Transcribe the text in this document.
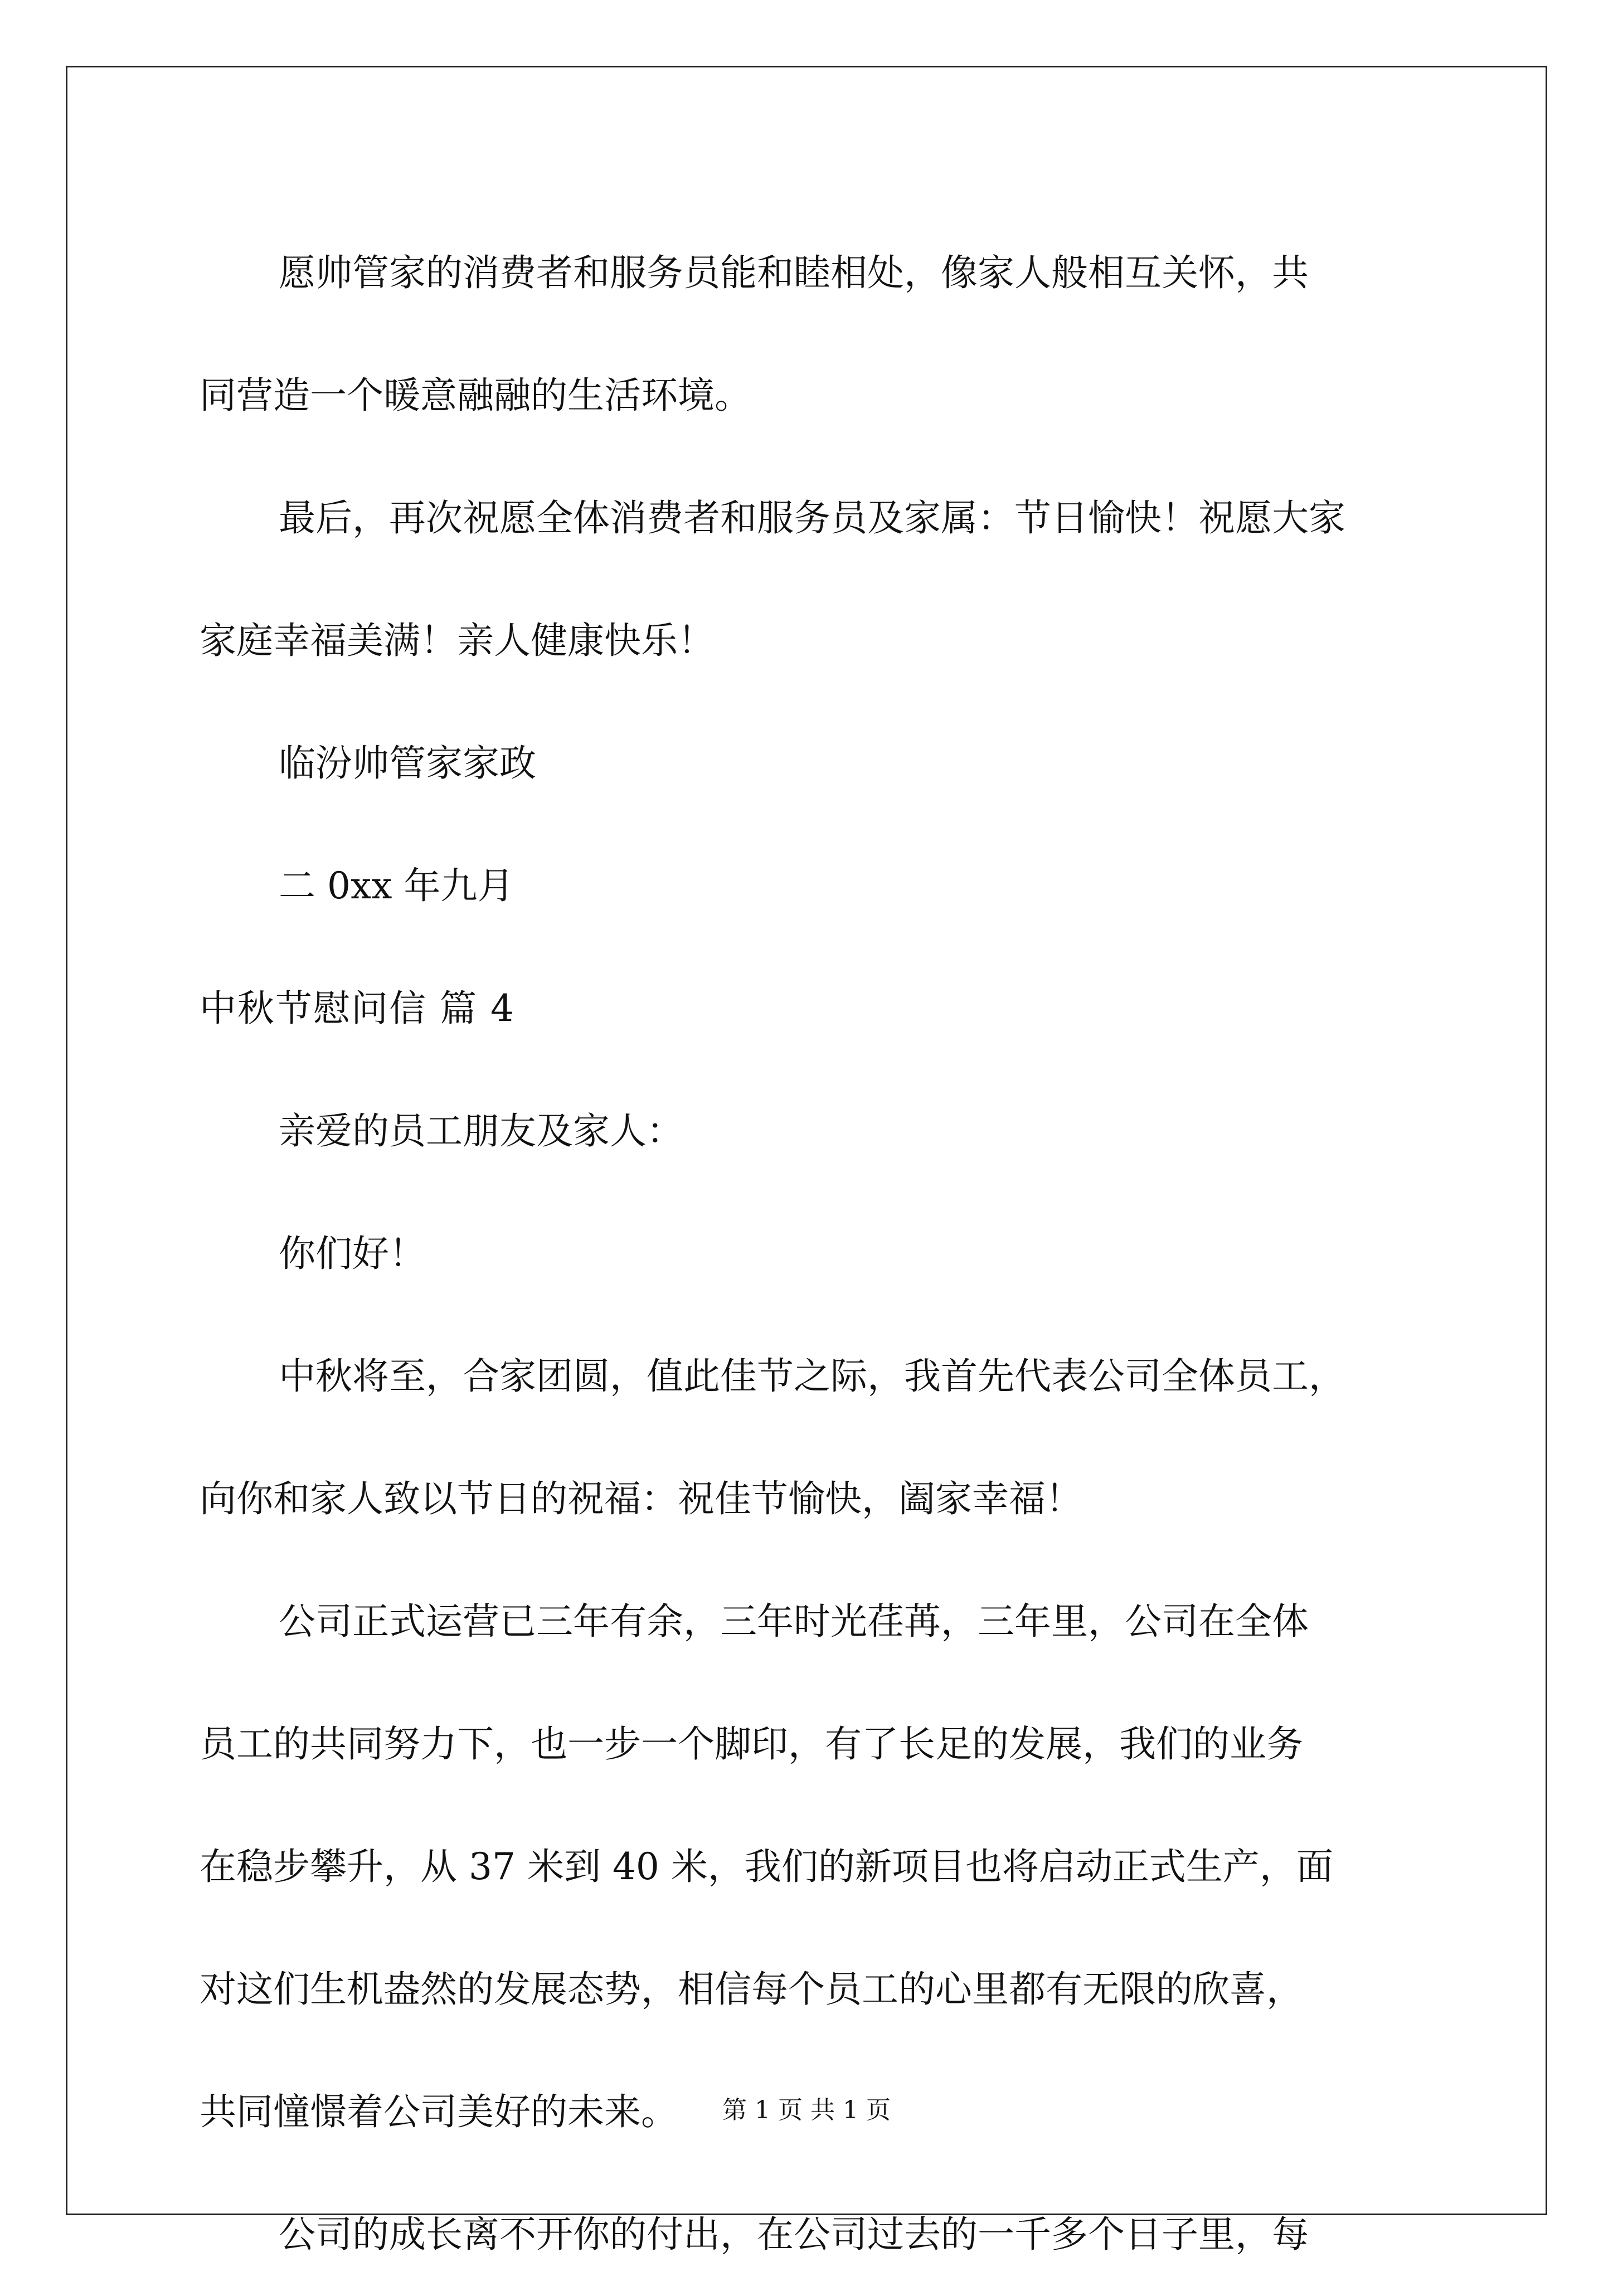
愿帅管家的消费者和服务员能和睦相处，像家人般相互关怀，共
同营造一个暖意融融的生活环境。
最后，再次祝愿全体消费者和服务员及家属：节日愉快！祝愿大家
家庭幸福美满！亲人健康快乐！
临汾帅管家家政
二 0xx 年九月
中秋节慰问信 篇 4
亲爱的员工朋友及家人：
你们好！
中秋将至，合家团圆，值此佳节之际，我首先代表公司全体员工，
向你和家人致以节日的祝福：祝佳节愉快，阖家幸福！
公司正式运营已三年有余，三年时光荏苒，三年里，公司在全体
员工的共同努力下，也一步一个脚印，有了长足的发展，我们的业务
在稳步攀升，从 37 米到 40 米，我们的新项目也将启动正式生产，面
对这们生机盎然的发展态势，相信每个员工的心里都有无限的欣喜，
共同憧憬着公司美好的未来。
公司的成长离不开你的付出，在公司过去的一千多个日子里，每
第 1 页 共 1 页
